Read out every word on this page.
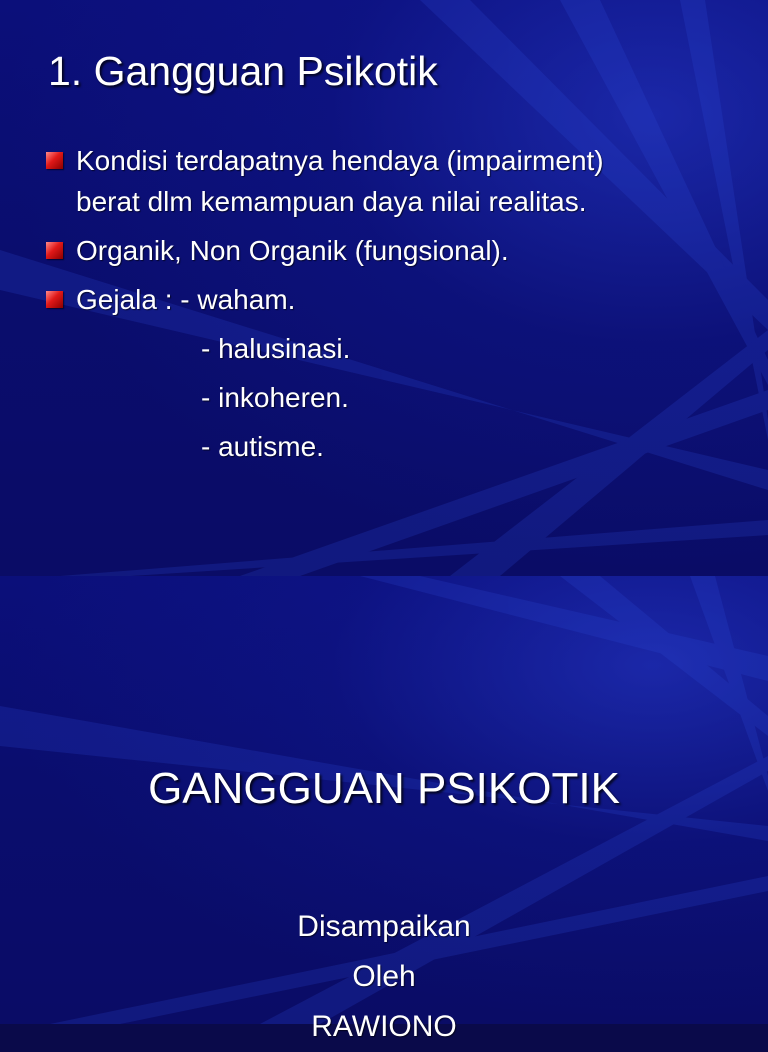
1. Gangguan Psikotik
Kondisi terdapatnya hendaya (impairment)
berat dlm kemampuan daya nilai realitas.
Organik, Non Organik (fungsional).
Gejala : - waham.
- halusinasi.
- inkoheren.
- autisme.
GANGGUAN PSIKOTIK
Disampaikan
Oleh
RAWIONO
